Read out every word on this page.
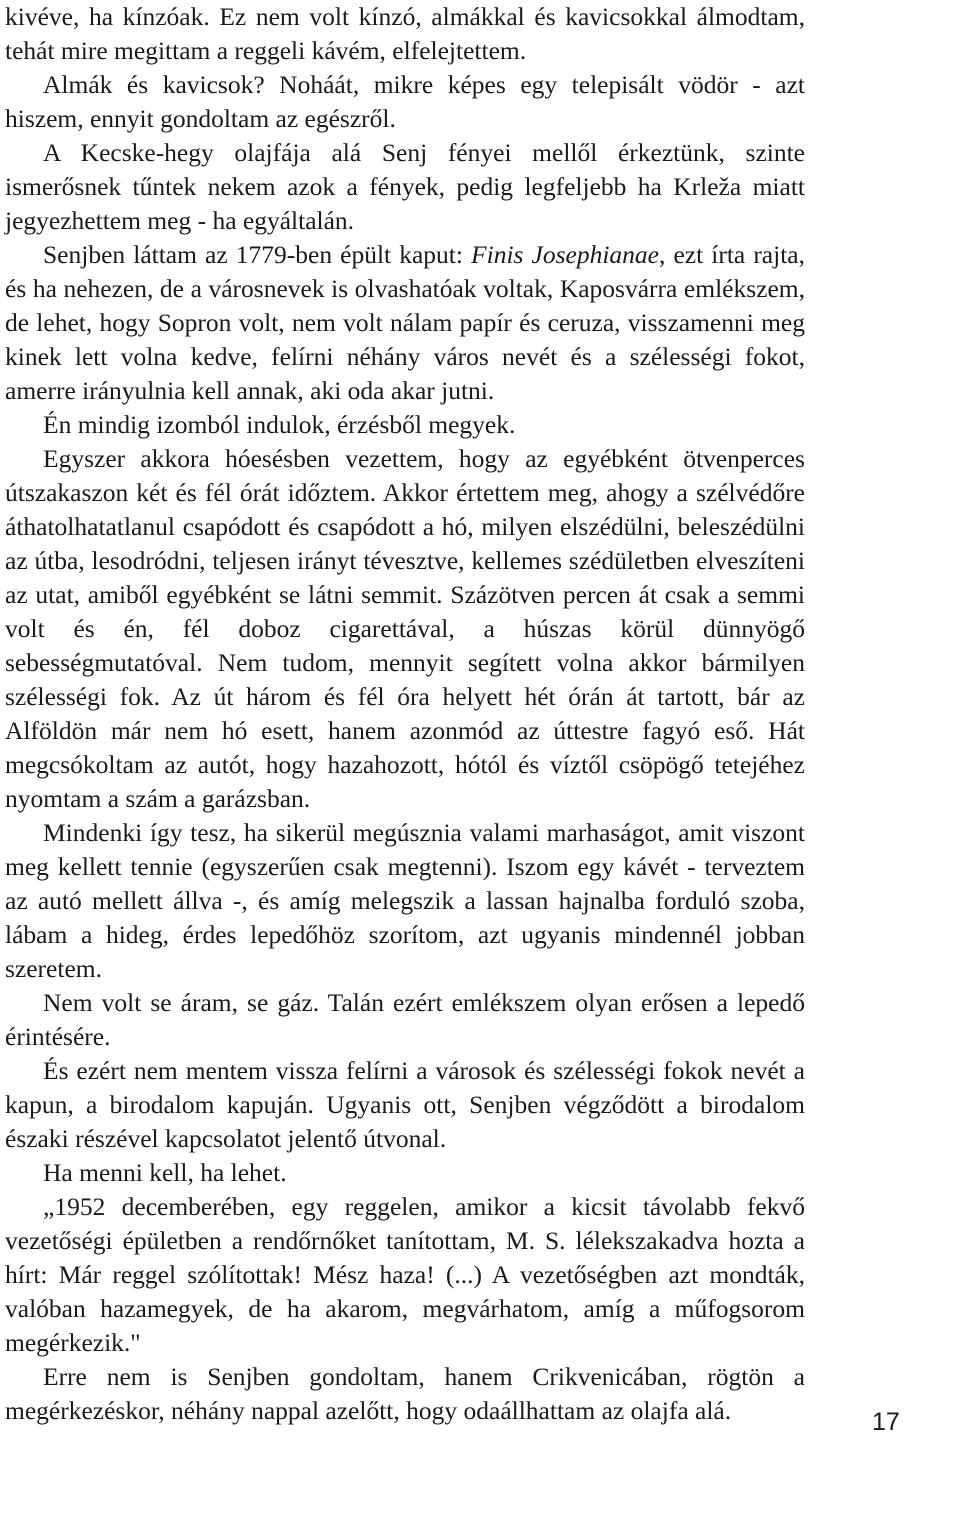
kivéve, ha kínzóak. Ez nem volt kínzó, almákkal és kavicsokkal álmodtam, tehát mire megittam a reggeli kávém, elfelejtettem.

Almák és kavicsok? Noháát, mikre képes egy telepisált vödör - azt hiszem, ennyit gondoltam az egészről.

A Kecske-hegy olajfája alá Senj fényei mellől érkeztünk, szinte ismerősnek tűntek nekem azok a fények, pedig legfeljebb ha Krleža miatt jegyezhettem meg - ha egyáltalán.

Senjben láttam az 1779-ben épült kaput: Finis Josephianae, ezt írta rajta, és ha nehezen, de a városnevek is olvashatóak voltak, Kaposvárra emlékszem, de lehet, hogy Sopron volt, nem volt nálam papír és ceruza, visszamenni meg kinek lett volna kedve, felírni néhány város nevét és a szélességi fokot, amerre irányulnia kell annak, aki oda akar jutni.

Én mindig izomból indulok, érzésből megyek.

Egyszer akkora hóesésben vezettem, hogy az egyébként ötvenperces útszakaszon két és fél órát időztem. Akkor értettem meg, ahogy a szélvédőre áthatolhatatlanul csapódott és csapódott a hó, milyen elszédülni, beleszédülni az útba, lesodródni, teljesen irányt tévesztve, kellemes szédületben elveszíteni az utat, amiből egyébként se látni semmit. Százötven percen át csak a semmi volt és én, fél doboz cigarettával, a húszas körül dünnyögő sebességmutatóval. Nem tudom, mennyit segített volna akkor bármilyen szélességi fok. Az út három és fél óra helyett hét órán át tartott, bár az Alföldön már nem hó esett, hanem azonmód az úttestre fagyó eső. Hát megcsókoltam az autót, hogy hazahozott, hótól és víztől csöpögő tetejéhez nyomtam a szám a garázsban.

Mindenki így tesz, ha sikerül megúsznia valami marhaságot, amit viszont meg kellett tennie (egyszerűen csak megtenni). Iszom egy kávét - terveztem az autó mellett állva -, és amíg melegszik a lassan hajnalba forduló szoba, lábam a hideg, érdes lepedőhöz szorítom, azt ugyanis mindennél jobban szeretem.

Nem volt se áram, se gáz. Talán ezért emlékszem olyan erősen a lepedő érintésére.

És ezért nem mentem vissza felírni a városok és szélességi fokok nevét a kapun, a birodalom kapuján. Ugyanis ott, Senjben végződött a birodalom északi részével kapcsolatot jelentő útvonal.

Ha menni kell, ha lehet.

„1952 decemberében, egy reggelen, amikor a kicsit távolabb fekvő vezetőségi épületben a rendőrnőket tanítottam, M. S. lélekszakadva hozta a hírt: Már reggel szólítottak! Mész haza! (...) A vezetőségben azt mondták, valóban hazamegyek, de ha akarom, megvárhatom, amíg a műfogsorom megérkezik."

Erre nem is Senjben gondoltam, hanem Crikvenicában, rögtön a megérkezéskor, néhány nappal azelőtt, hogy odaállhattam az olajfa alá.	17
